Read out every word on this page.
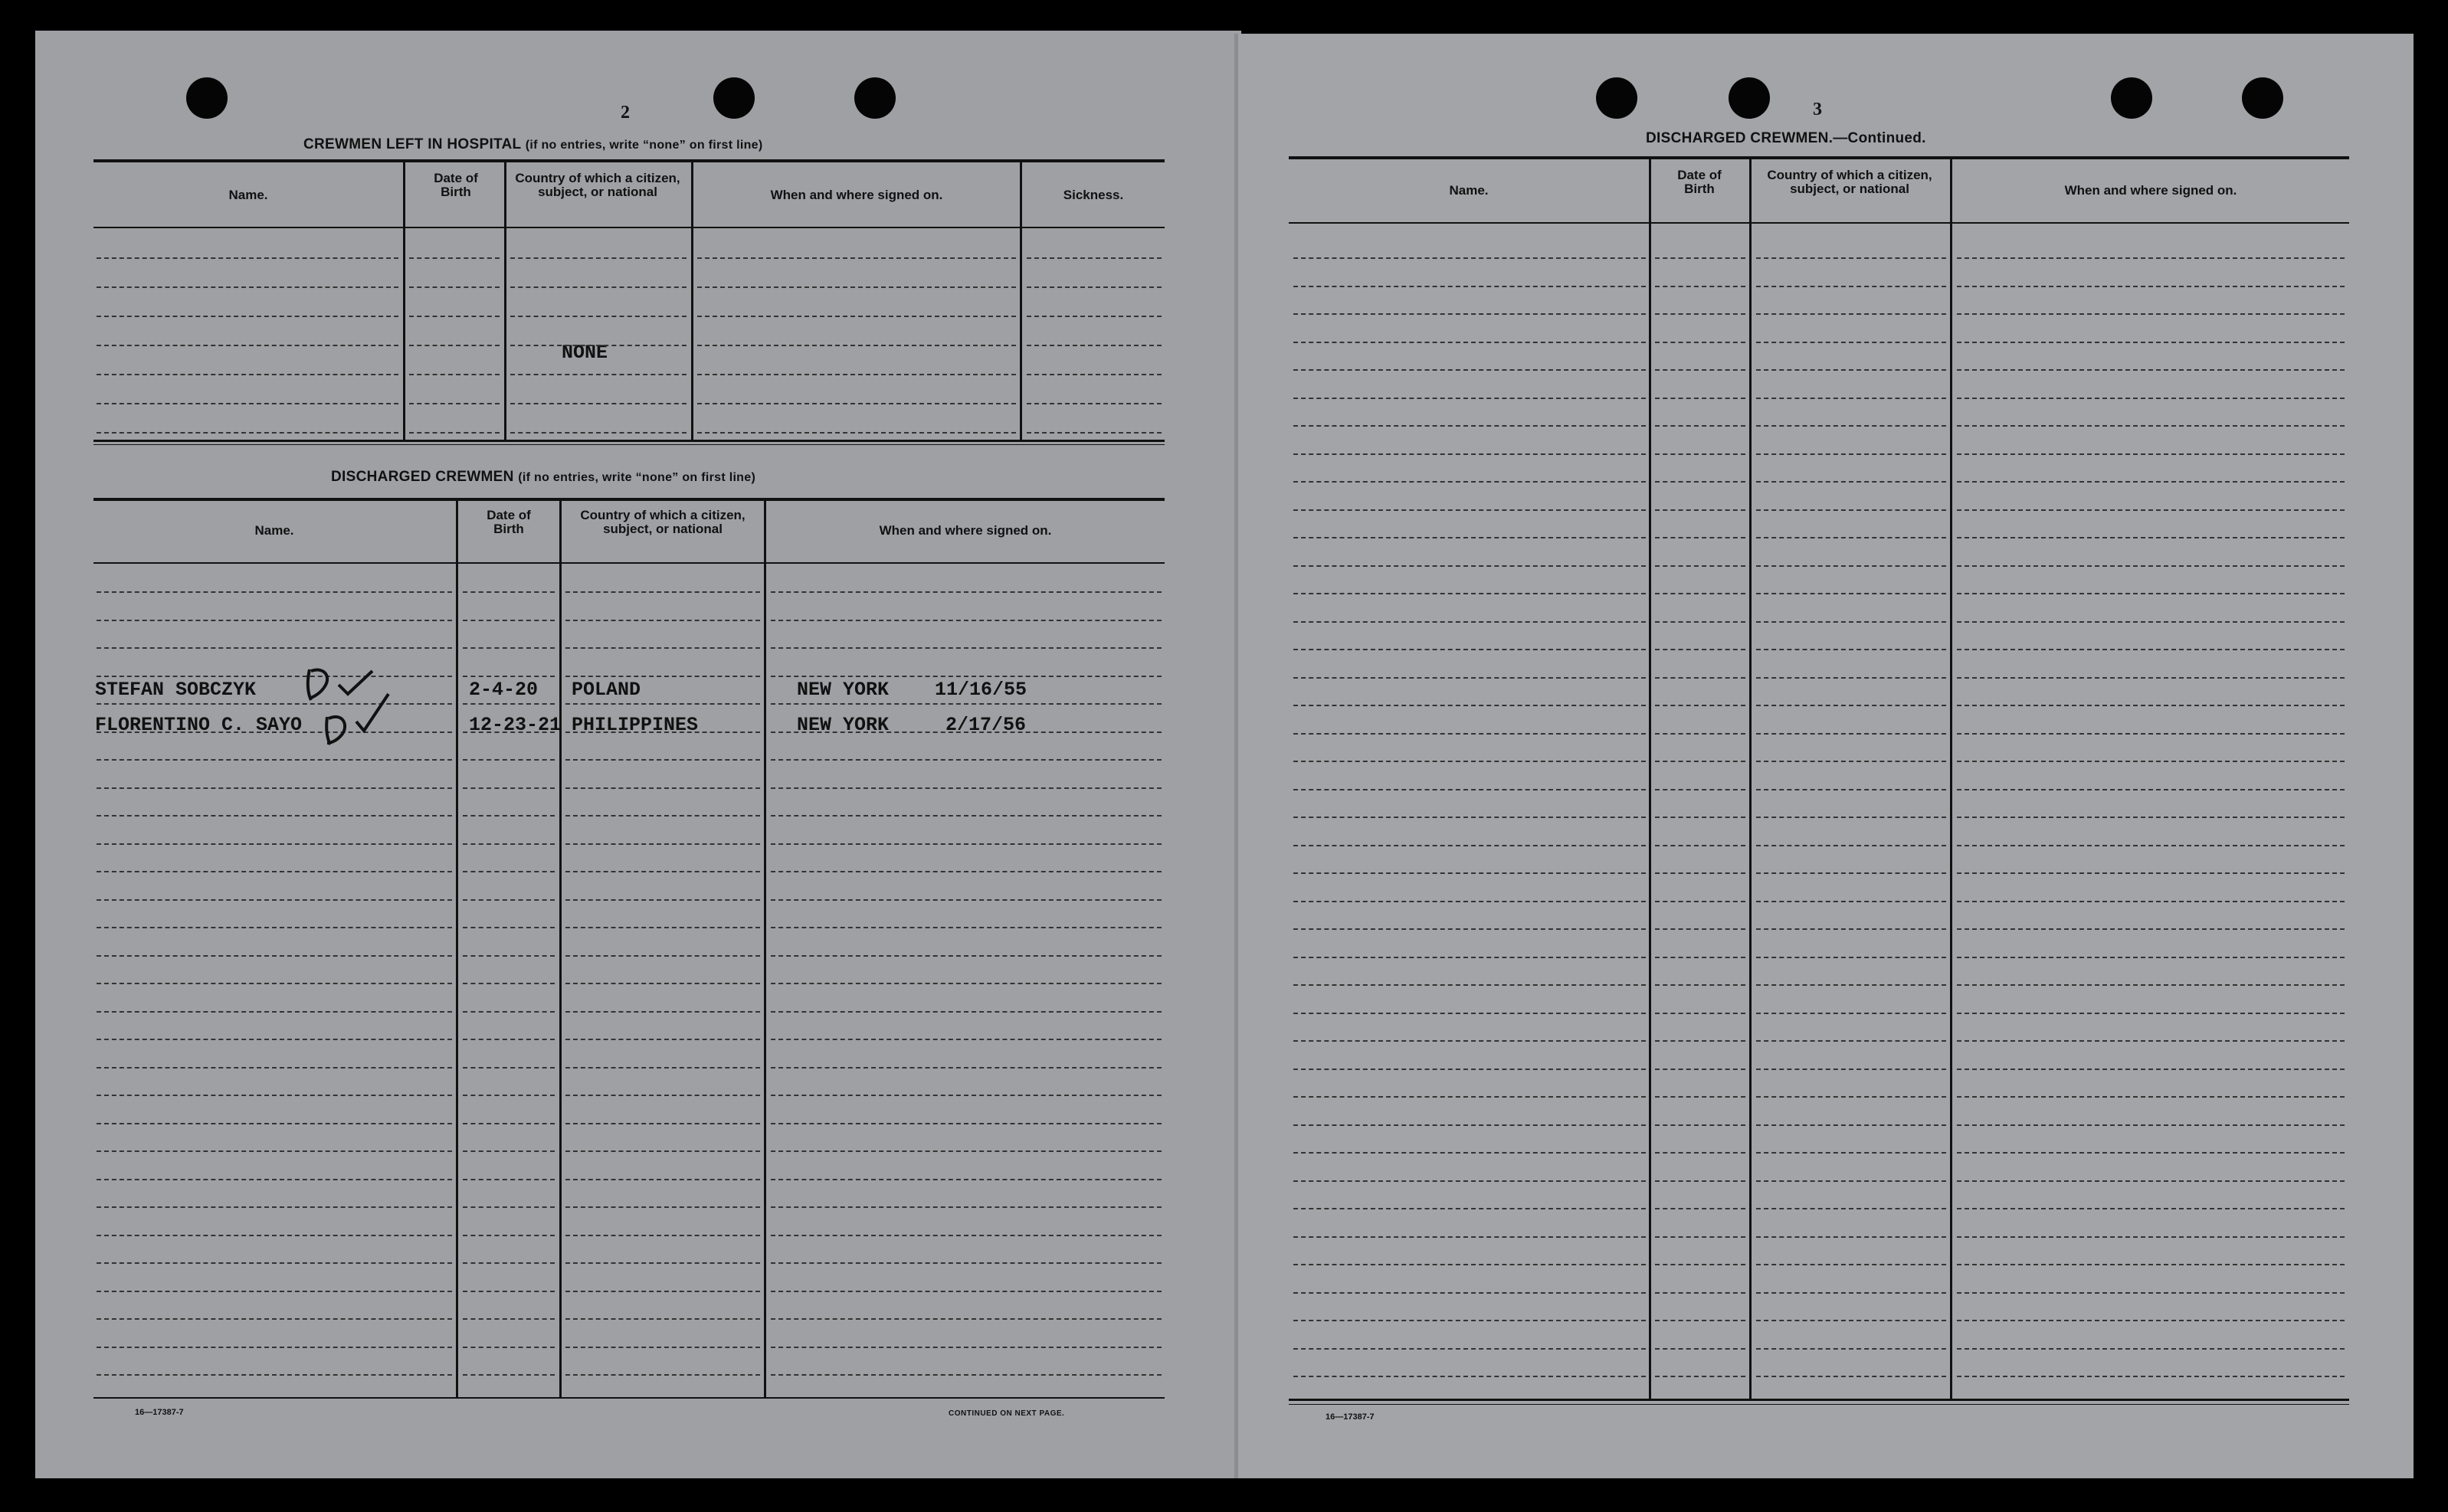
2
CREWMEN LEFT IN HOSPITAL (if no entries, write “none” on first line)
Name.
Date of Birth
Country of which a citizen, subject, or national	When and where signed on.	Sickness.
NONE
DISCHARGED CREWMEN (if no entries, write “none” on first line)
Name.
Date of Birth
Country of which a citizen, subject, or national	When and where signed on.
STEFAN SOBCZYK	2-4-20 POLAND	NEW YORK 11/16/55
FLORENTINO C. SAYO	12-23-21 PHILIPPINES	NEW YORK	2/17/56
16—17387-7	CONTINUED ON NEXT PAGE.
3
DISCHARGED CREWMEN.—Continued.
Name.
Date of Birth
Country of which a citizen, subject, or national	When and where signed on.
16—17387-7
